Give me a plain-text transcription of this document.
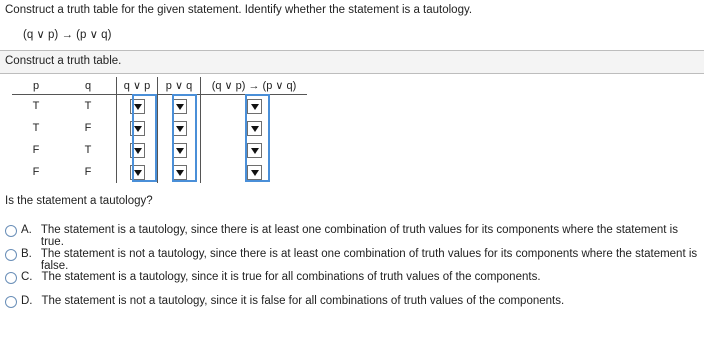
Construct a truth table for the given statement. Identify whether the statement is a tautology.
(q ∨ p) → (p ∨ q)
Construct a truth table.
p	q	q ∨ p	p ∨ q	(q ∨ p) → (p ∨ q)
T	T			
T	F			
F	T			
F	F			
Is the statement a tautology?
A. The statement is a tautology, since there is at least one combination of truth values for its components where the statement is true.
B. The statement is not a tautology, since there is at least one combination of truth values for its components where the statement is false.
C. The statement is a tautology, since it is true for all combinations of truth values of the components.
D. The statement is not a tautology, since it is false for all combinations of truth values of the components.
